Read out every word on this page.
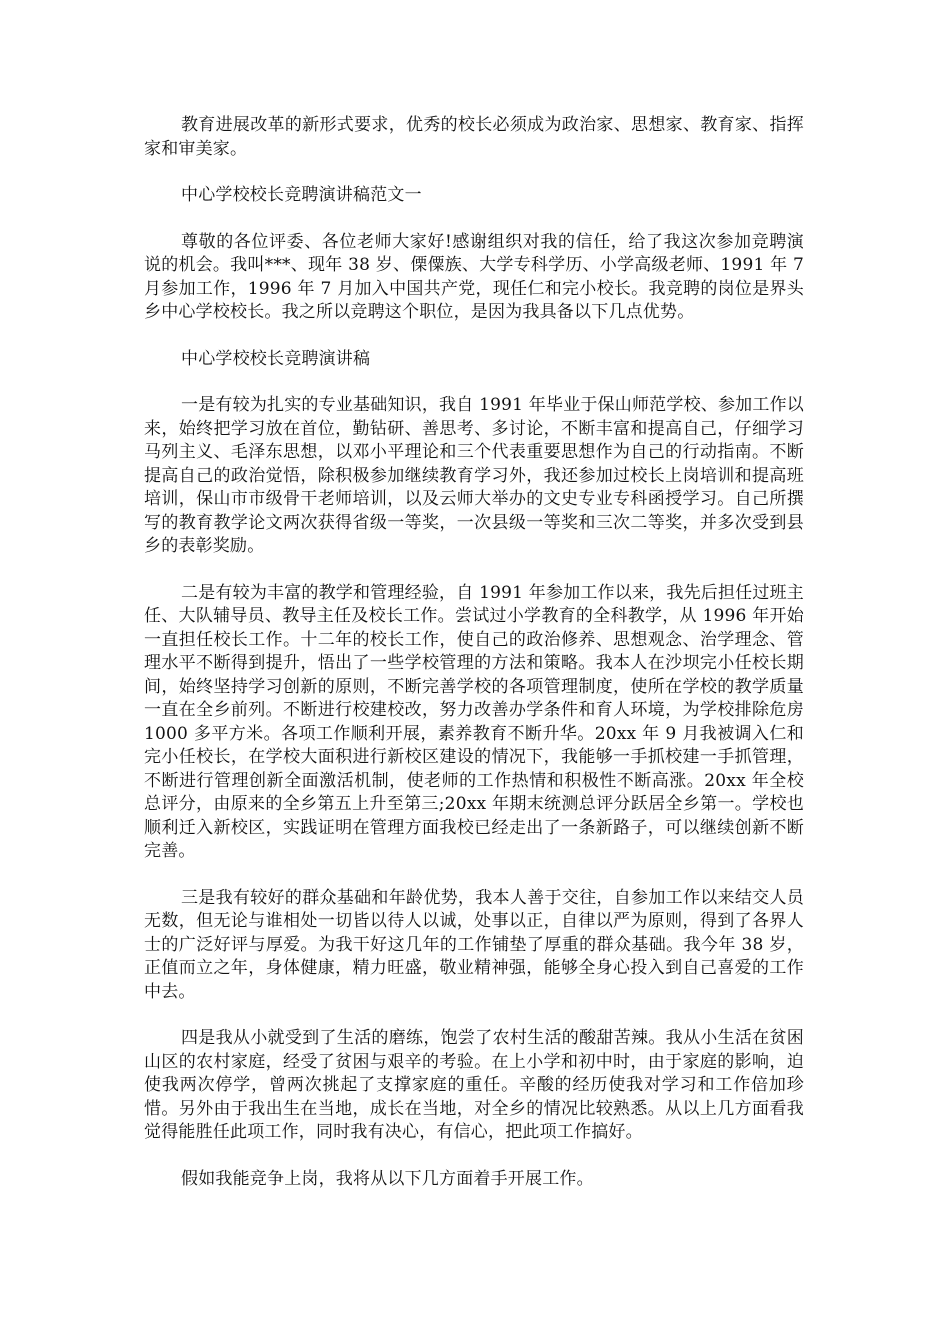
教育进展改革的新形式要求，优秀的校长必须成为政治家、思想家、教育家、指挥家和审美家。

中心学校校长竞聘演讲稿范文一

尊敬的各位评委、各位老师大家好!感谢组织对我的信任，给了我这次参加竞聘演说的机会。我叫***、现年 38 岁、傈僳族、大学专科学历、小学高级老师、1991 年 7 月参加工作，1996 年 7 月加入中国共产党，现任仁和完小校长。我竞聘的岗位是界头乡中心学校校长。我之所以竞聘这个职位，是因为我具备以下几点优势。

中心学校校长竞聘演讲稿

一是有较为扎实的专业基础知识，我自 1991 年毕业于保山师范学校、参加工作以来，始终把学习放在首位，勤钻研、善思考、多讨论，不断丰富和提高自己，仔细学习马列主义、毛泽东思想，以邓小平理论和三个代表重要思想作为自己的行动指南。不断提高自己的政治觉悟，除积极参加继续教育学习外，我还参加过校长上岗培训和提高班培训，保山市市级骨干老师培训，以及云师大举办的文史专业专科函授学习。自己所撰写的教育教学论文两次获得省级一等奖，一次县级一等奖和三次二等奖，并多次受到县乡的表彰奖励。

二是有较为丰富的教学和管理经验，自 1991 年参加工作以来，我先后担任过班主任、大队辅导员、教导主任及校长工作。尝试过小学教育的全科教学，从 1996 年开始一直担任校长工作。十二年的校长工作，使自己的政治修养、思想观念、治学理念、管理水平不断得到提升，悟出了一些学校管理的方法和策略。我本人在沙坝完小任校长期间，始终坚持学习创新的原则，不断完善学校的各项管理制度，使所在学校的教学质量一直在全乡前列。不断进行校建校改，努力改善办学条件和育人环境，为学校排除危房 1000 多平方米。各项工作顺利开展，素养教育不断升华。20xx 年 9 月我被调入仁和完小任校长，在学校大面积进行新校区建设的情况下，我能够一手抓校建一手抓管理，不断进行管理创新全面激活机制，使老师的工作热情和积极性不断高涨。20xx 年全校总评分，由原来的全乡第五上升至第三;20xx 年期末统测总评分跃居全乡第一。学校也顺利迁入新校区，实践证明在管理方面我校已经走出了一条新路子，可以继续创新不断完善。

三是我有较好的群众基础和年龄优势，我本人善于交往，自参加工作以来结交人员无数，但无论与谁相处一切皆以待人以诚，处事以正，自律以严为原则，得到了各界人士的广泛好评与厚爱。为我干好这几年的工作铺垫了厚重的群众基础。我今年 38 岁，正值而立之年，身体健康，精力旺盛，敬业精神强，能够全身心投入到自己喜爱的工作中去。

四是我从小就受到了生活的磨练，饱尝了农村生活的酸甜苦辣。我从小生活在贫困山区的农村家庭，经受了贫困与艰辛的考验。在上小学和初中时，由于家庭的影响，迫使我两次停学，曾两次挑起了支撑家庭的重任。辛酸的经历使我对学习和工作倍加珍惜。另外由于我出生在当地，成长在当地，对全乡的情况比较熟悉。从以上几方面看我觉得能胜任此项工作，同时我有决心，有信心，把此项工作搞好。

假如我能竞争上岗，我将从以下几方面着手开展工作。
